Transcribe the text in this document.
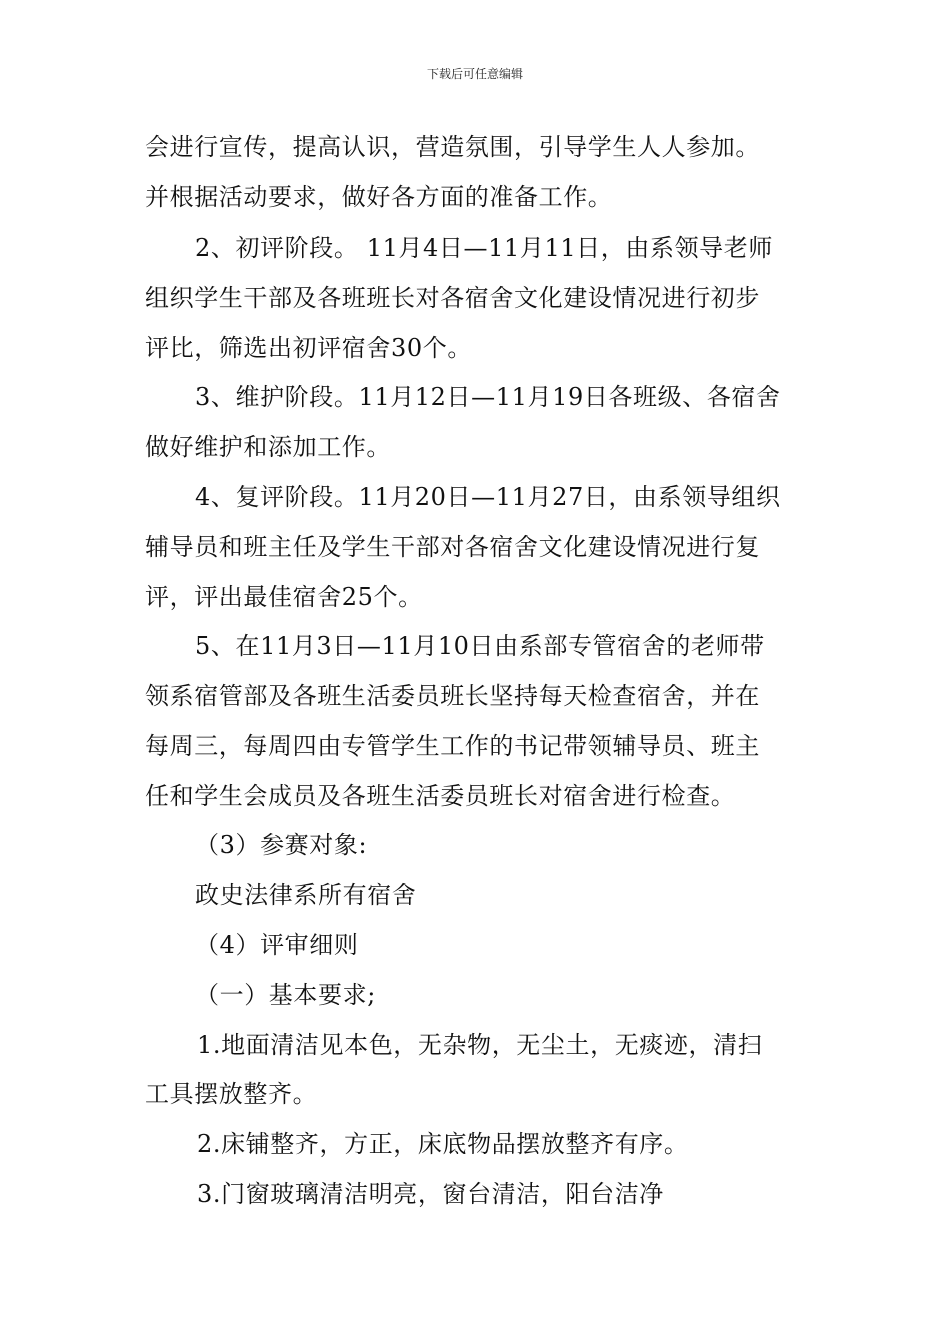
下载后可任意编辑
会进行宣传，提高认识，营造氛围，引导学生人人参加。
并根据活动要求，做好各方面的准备工作。
2、初评阶段。 11月4日—11月11日，由系领导老师
组织学生干部及各班班长对各宿舍文化建设情况进行初步
评比，筛选出初评宿舍30个。
3、维护阶段。11月12日—11月19日各班级、各宿舍
做好维护和添加工作。
4、复评阶段。11月20日—11月27日，由系领导组织
辅导员和班主任及学生干部对各宿舍文化建设情况进行复
评，评出最佳宿舍25个。
5、在11月3日—11月10日由系部专管宿舍的老师带
领系宿管部及各班生活委员班长坚持每天检查宿舍，并在
每周三，每周四由专管学生工作的书记带领辅导员、班主
任和学生会成员及各班生活委员班长对宿舍进行检查。
（3）参赛对象:
政史法律系所有宿舍
（4）评审细则
（一）基本要求;
1.地面清洁见本色，无杂物，无尘土，无痰迹，清扫
工具摆放整齐。
2.床铺整齐，方正，床底物品摆放整齐有序。
3.门窗玻璃清洁明亮，窗台清洁，阳台洁净
